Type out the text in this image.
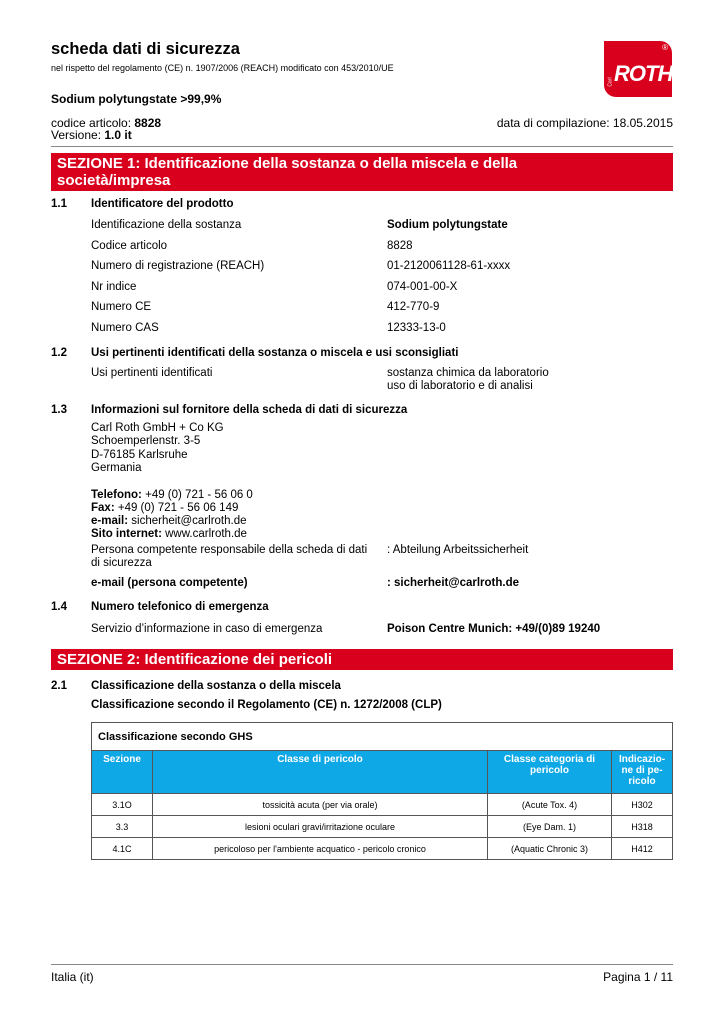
scheda dati di sicurezza
nel rispetto del regolamento (CE) n. 1907/2006 (REACH) modificato con 453/2010/UE
®
Carl ROTH
Sodium polytungstate >99,9%
codice articolo: 8828
Versione: 1.0 it
data di compilazione: 18.05.2015
SEZIONE 1: Identificazione della sostanza o della miscela e della
società/impresa
1.1 Identificatore del prodotto
Identificazione della sostanza	Sodium polytungstate
Codice articolo	8828
Numero di registrazione (REACH)	01-2120061128-61-xxxx
Nr indice	074-001-00-X
Numero CE	412-770-9
Numero CAS	12333-13-0
1.2 Usi pertinenti identificati della sostanza o miscela e usi sconsigliati
Usi pertinenti identificati	sostanza chimica da laboratorio
uso di laboratorio e di analisi
1.3 Informazioni sul fornitore della scheda di dati di sicurezza
Carl Roth GmbH + Co KG
Schoemperlenstr. 3-5
D-76185 Karlsruhe
Germania
Telefono: +49 (0) 721 - 56 06 0
Fax: +49 (0) 721 - 56 06 149
e-mail: sicherheit@carlroth.de
Sito internet: www.carlroth.de
Persona competente responsabile della scheda di dati
di sicurezza
: Abteilung Arbeitssicherheit
e-mail (persona competente)	: sicherheit@carlroth.de
1.4 Numero telefonico di emergenza
Servizio d’informazione in caso di emergenza	Poison Centre Munich: +49/(0)89 19240
SEZIONE 2: Identificazione dei pericoli
2.1 Classificazione della sostanza o della miscela
Classificazione secondo il Regolamento (CE) n. 1272/2008 (CLP)
Classificazione secondo GHS			
Sezione	Classe di pericolo	Classe categoria di pericolo	Indicazio-ne di pe-ricolo
3.1O	tossicità acuta (per via orale)	(Acute Tox. 4)	H302
3.3	lesioni oculari gravi/irritazione oculare	(Eye Dam. 1)	H318
4.1C	pericoloso per l'ambiente acquatico - pericolo cronico	(Aquatic Chronic 3)	H412
Italia (it)	Pagina 1 / 11
